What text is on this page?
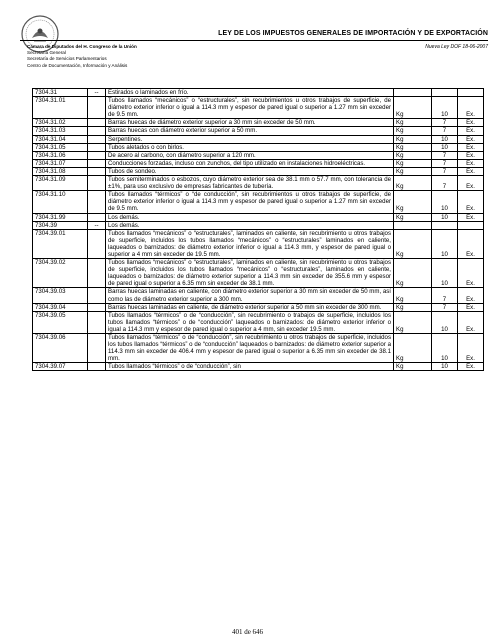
LEY DE LOS IMPUESTOS GENERALES DE IMPORTACIÓN Y DE EXPORTACIÓN
Cámara de Diputados del H. Congreso de la Unión
Secretaría General
Secretaría de Servicios Parlamentarios
Centro de Documentación, Información y Análisis
Nueva Ley DOF 18-06-2007
7304.31	--	Estirados o laminados en frío.			
7304.31.01		Tubos llamados “mecánicos” o “estructurales”, sin recubrimientos u otros trabajos de superficie, de diámetro exterior inferior o igual a 114.3 mm y espesor de pared igual o superior a 1.27 mm sin exceder de 9.5 mm.	Kg	10	Ex.
7304.31.02		Barras huecas de diámetro exterior superior a 30 mm sin exceder de 50 mm.	Kg	7	Ex.
7304.31.03		Barras huecas con diámetro exterior superior a 50 mm.	Kg	7	Ex.
7304.31.04		Serpentines.	Kg	10	Ex.
7304.31.05		Tubos aletados o con birlos.	Kg	10	Ex.
7304.31.06		De acero al carbono, con diámetro superior a 120 mm.	Kg	7	Ex.
7304.31.07		Conducciones forzadas, incluso con zunchos, del tipo utilizado en instalaciones hidroeléctricas.	Kg	7	Ex.
7304.31.08		Tubos de sondeo.	Kg	7	Ex.
7304.31.09		Tubos semiterminados o esbozos, cuyo diámetro exterior sea de 38.1 mm o 57.7 mm, con tolerancia de ±1%, para uso exclusivo de empresas fabricantes de tubería.	Kg	7	Ex.
7304.31.10		Tubos llamados “térmicos” o “de conducción”, sin recubrimientos u otros trabajos de superficie, de diámetro exterior inferior o igual a 114.3 mm y espesor de pared igual o superior a 1.27 mm sin exceder de 9.5 mm.	Kg	10	Ex.
7304.31.99		Los demás.	Kg	10	Ex.
7304.39	--	Los demás.			
7304.39.01		Tubos llamados “mecánicos” o “estructurales”, laminados en caliente, sin recubrimiento u otros trabajos de superficie, incluidos los tubos llamados “mecánicos” o “estructurales” laminados en caliente, laqueados o barnizados: de diámetro exterior inferior o igual a 114.3 mm, y espesor de pared igual o superior a 4 mm sin exceder de 19.5 mm.	Kg	10	Ex.
7304.39.02		Tubos llamados “mecánicos” o “estructurales”, laminados en caliente, sin recubrimiento u otros trabajos de superficie, incluidos los tubos llamados “mecánicos” o “estructurales”, laminados en caliente, laqueados o barnizados: de diámetro exterior superior a 114.3 mm sin exceder de 355.6 mm y espesor de pared igual o superior a 6.35 mm sin exceder de 38.1 mm.	Kg	10	Ex.
7304.39.03		Barras huecas laminadas en caliente, con diámetro exterior superior a 30 mm sin exceder de 50 mm, así como las de diámetro exterior superior a 300 mm.	Kg	7	Ex.
7304.39.04		Barras huecas laminadas en caliente, de diámetro exterior superior a 50 mm sin exceder de 300 mm.	Kg	7	Ex.
7304.39.05		Tubos llamados “térmicos” o de “conducción”, sin recubrimiento o trabajos de superficie, incluidos los tubos llamados “térmicos” o de “conducción” laqueados o barnizados: de diámetro exterior inferior o igual a 114.3 mm y espesor de pared igual o superior a 4 mm, sin exceder 19.5 mm.	Kg	10	Ex.
7304.39.06		Tubos llamados “térmicos” o de “conducción”, sin recubrimiento u otros trabajos de superficie, incluidos los tubos llamados “térmicos” o de “conducción” laqueados o barnizados: de diámetro exterior superior a 114.3 mm sin exceder de 406.4 mm y espesor de pared igual o superior a 6.35 mm sin exceder de 38.1 mm.	Kg	10	Ex.
7304.39.07		Tubos llamados “térmicos” o de “conducción”, sin	Kg	10	Ex.
401 de 646
